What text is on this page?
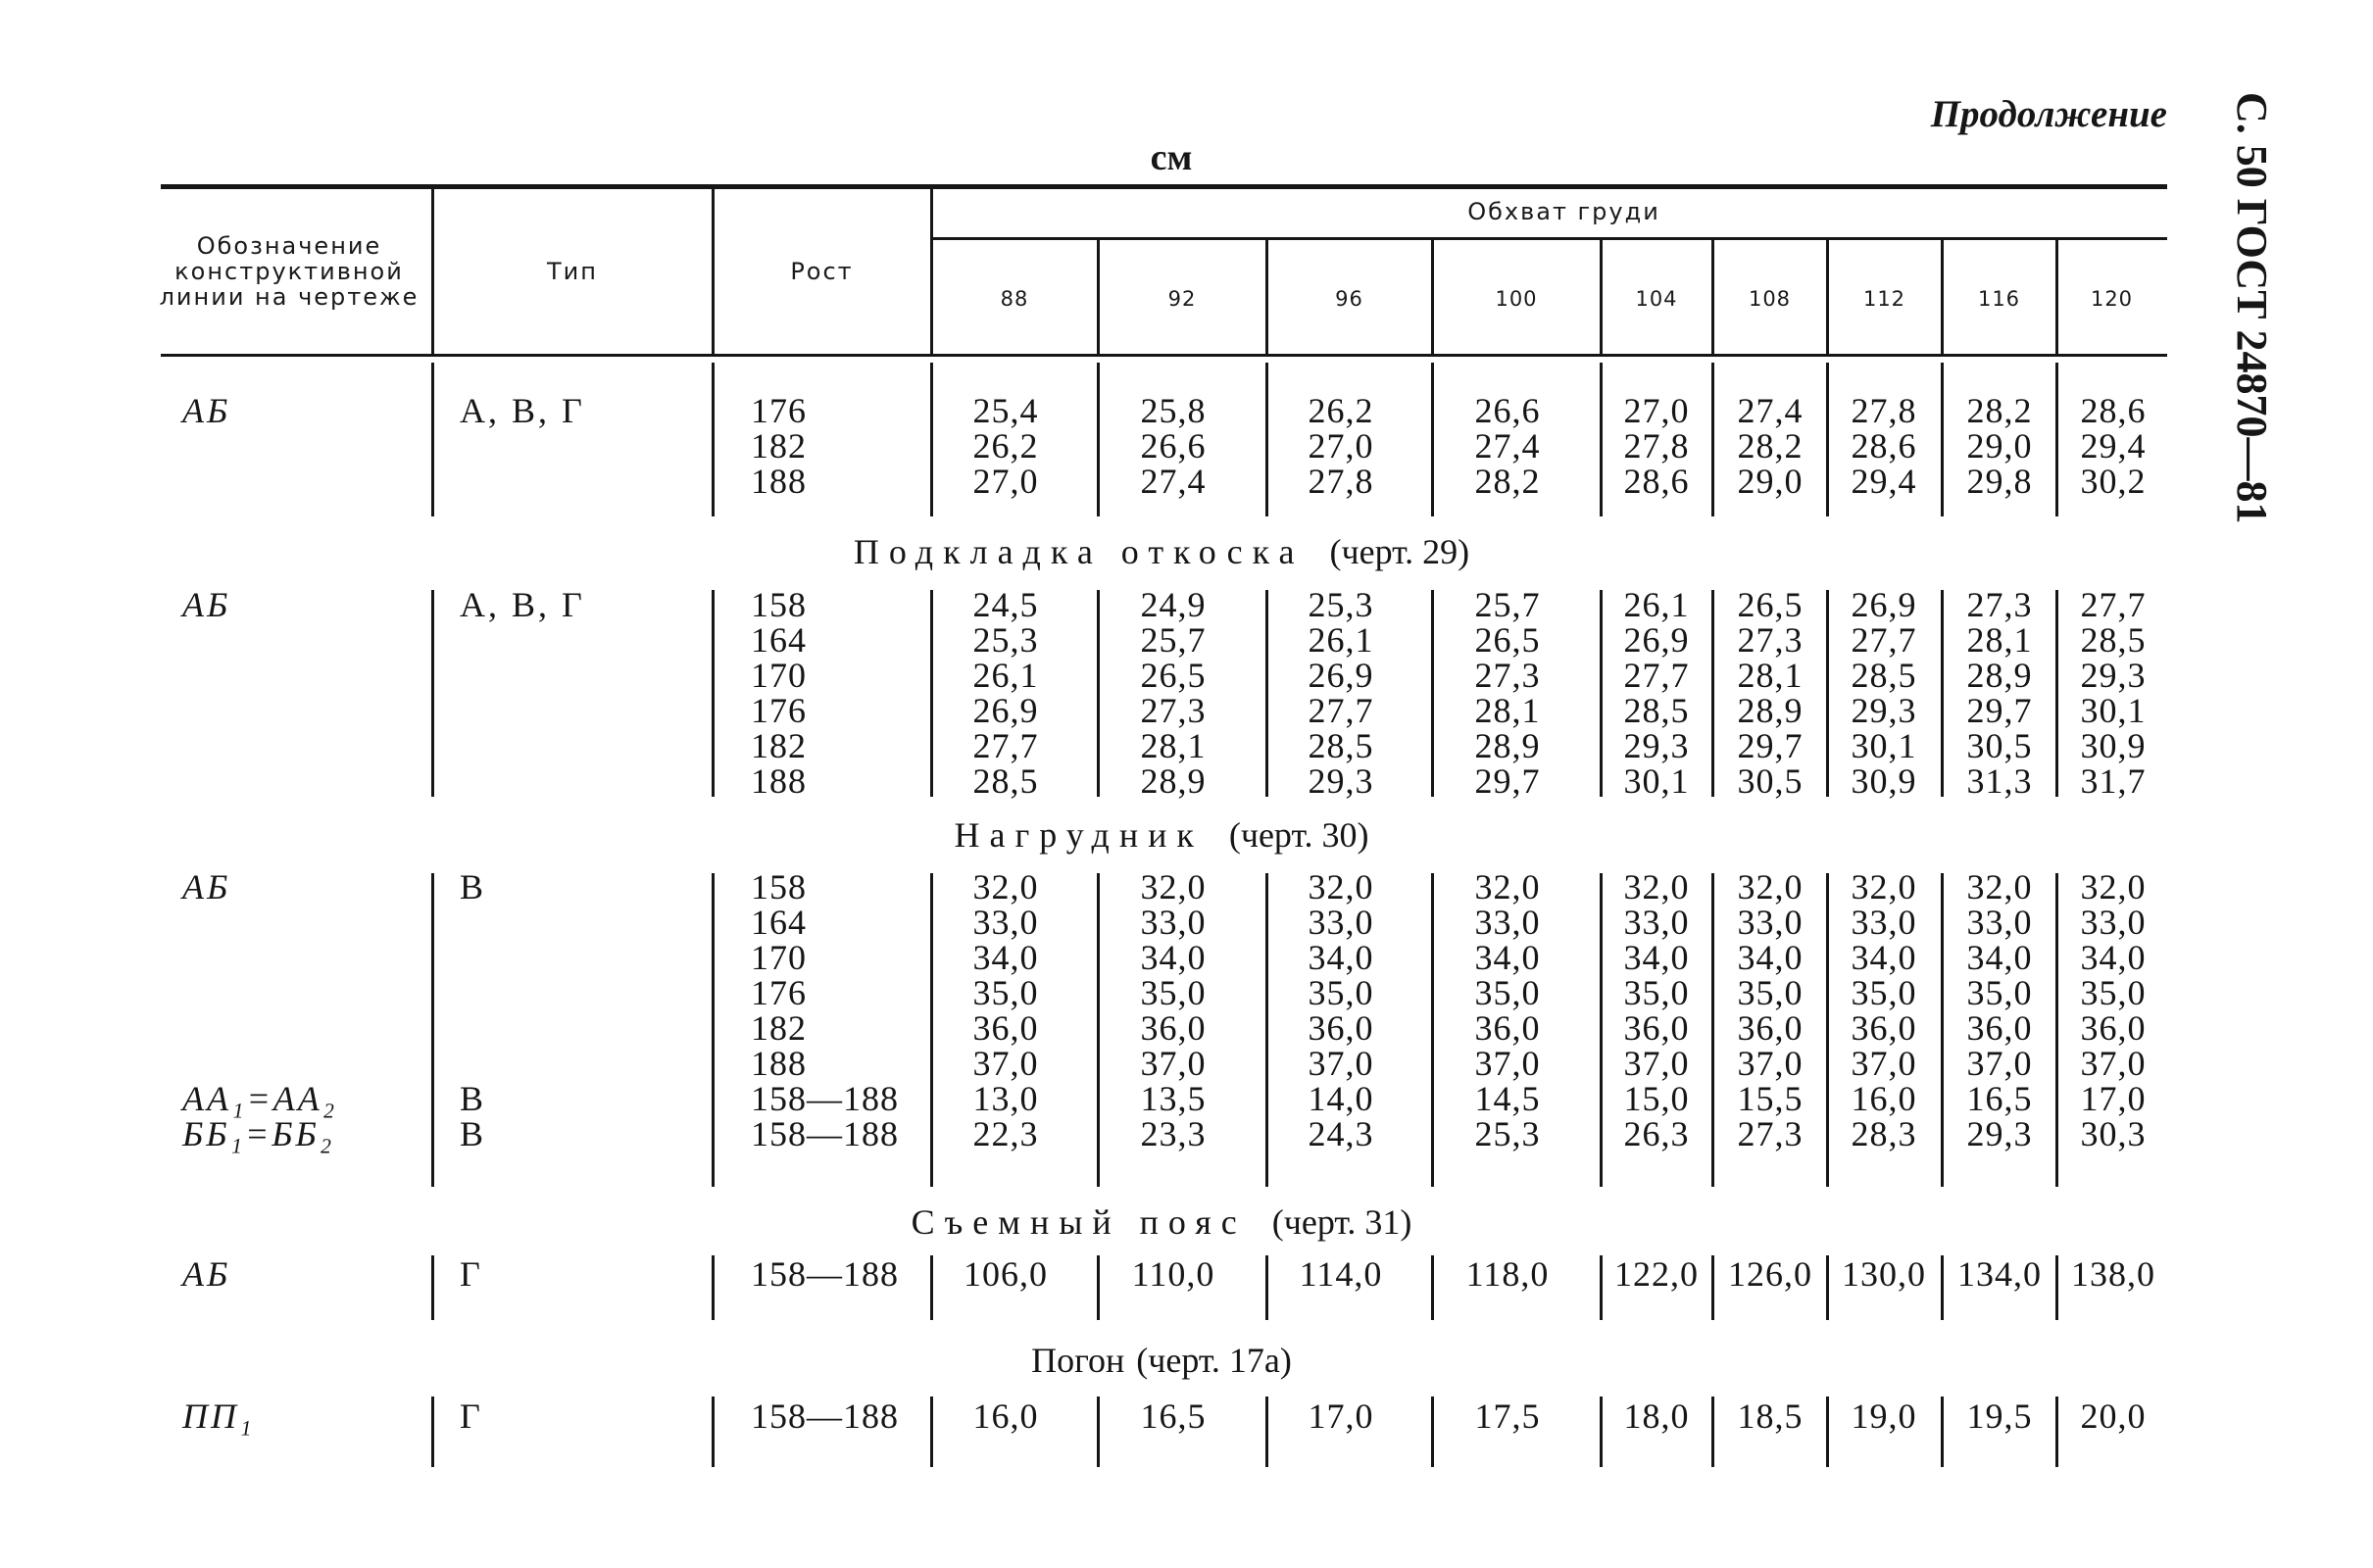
Продолжение С. 50 ГОСТ 24870—81
см
Обозначение
конструктивной
линии на чертеже
Тип	Рост
Обхват груди
88	92	96	100	104	108	112	116	120
АБ	А, В, Г	176	25,4	25,8	26,2	26,6	27,0	27,4	27,8	28,2	28,6
182	26,2	26,6	27,0	27,4	27,8	28,2	28,6	29,0	29,4
188	27,0	27,4	27,8	28,2	28,6	29,0	29,4	29,8	30,2
Подкладка откоска (черт. 29)
АБ	А, В, Г	158	24,5	24,9	25,3	25,7	26,1	26,5	26,9	27,3	27,7
164	25,3	25,7	26,1	26,5	26,9	27,3	27,7	28,1	28,5
170	26,1	26,5	26,9	27,3	27,7	28,1	28,5	28,9	29,3
176	26,9	27,3	27,7	28,1	28,5	28,9	29,3	29,7	30,1
182	27,7	28,1	28,5	28,9	29,3	29,7	30,1	30,5	30,9
188	28,5	28,9	29,3	29,7	30,1	30,5	30,9	31,3	31,7
Нагрудник (черт. 30)
АБ	В	158	32,0	32,0	32,0	32,0	32,0	32,0	32,0	32,0	32,0
164	33,0	33,0	33,0	33,0	33,0	33,0	33,0	33,0	33,0
170	34,0	34,0	34,0	34,0	34,0	34,0	34,0	34,0	34,0
176	35,0	35,0	35,0	35,0	35,0	35,0	35,0	35,0	35,0
182	36,0	36,0	36,0	36,0	36,0	36,0	36,0	36,0	36,0
188	37,0	37,0	37,0	37,0	37,0	37,0	37,0	37,0	37,0
АА₁=АА₂	В	158—188	13,0	13,5	14,0	14,5	15,0	15,5	16,0	16,5	17,0
ББ₁=ББ₂	В	158—188	22,3	23,3	24,3	25,3	26,3	27,3	28,3	29,3	30,3
Съемный пояс (черт. 31)
АБ	Г	158—188	106,0	110,0	114,0	118,0	122,0 126,0 130,0 134,0 138,0
Погон (черт. 17а)
ПП₁	Г	158—188	16,0	16,5	17,0	17,5	18,0	18,5	19,0	19,5	20,0
